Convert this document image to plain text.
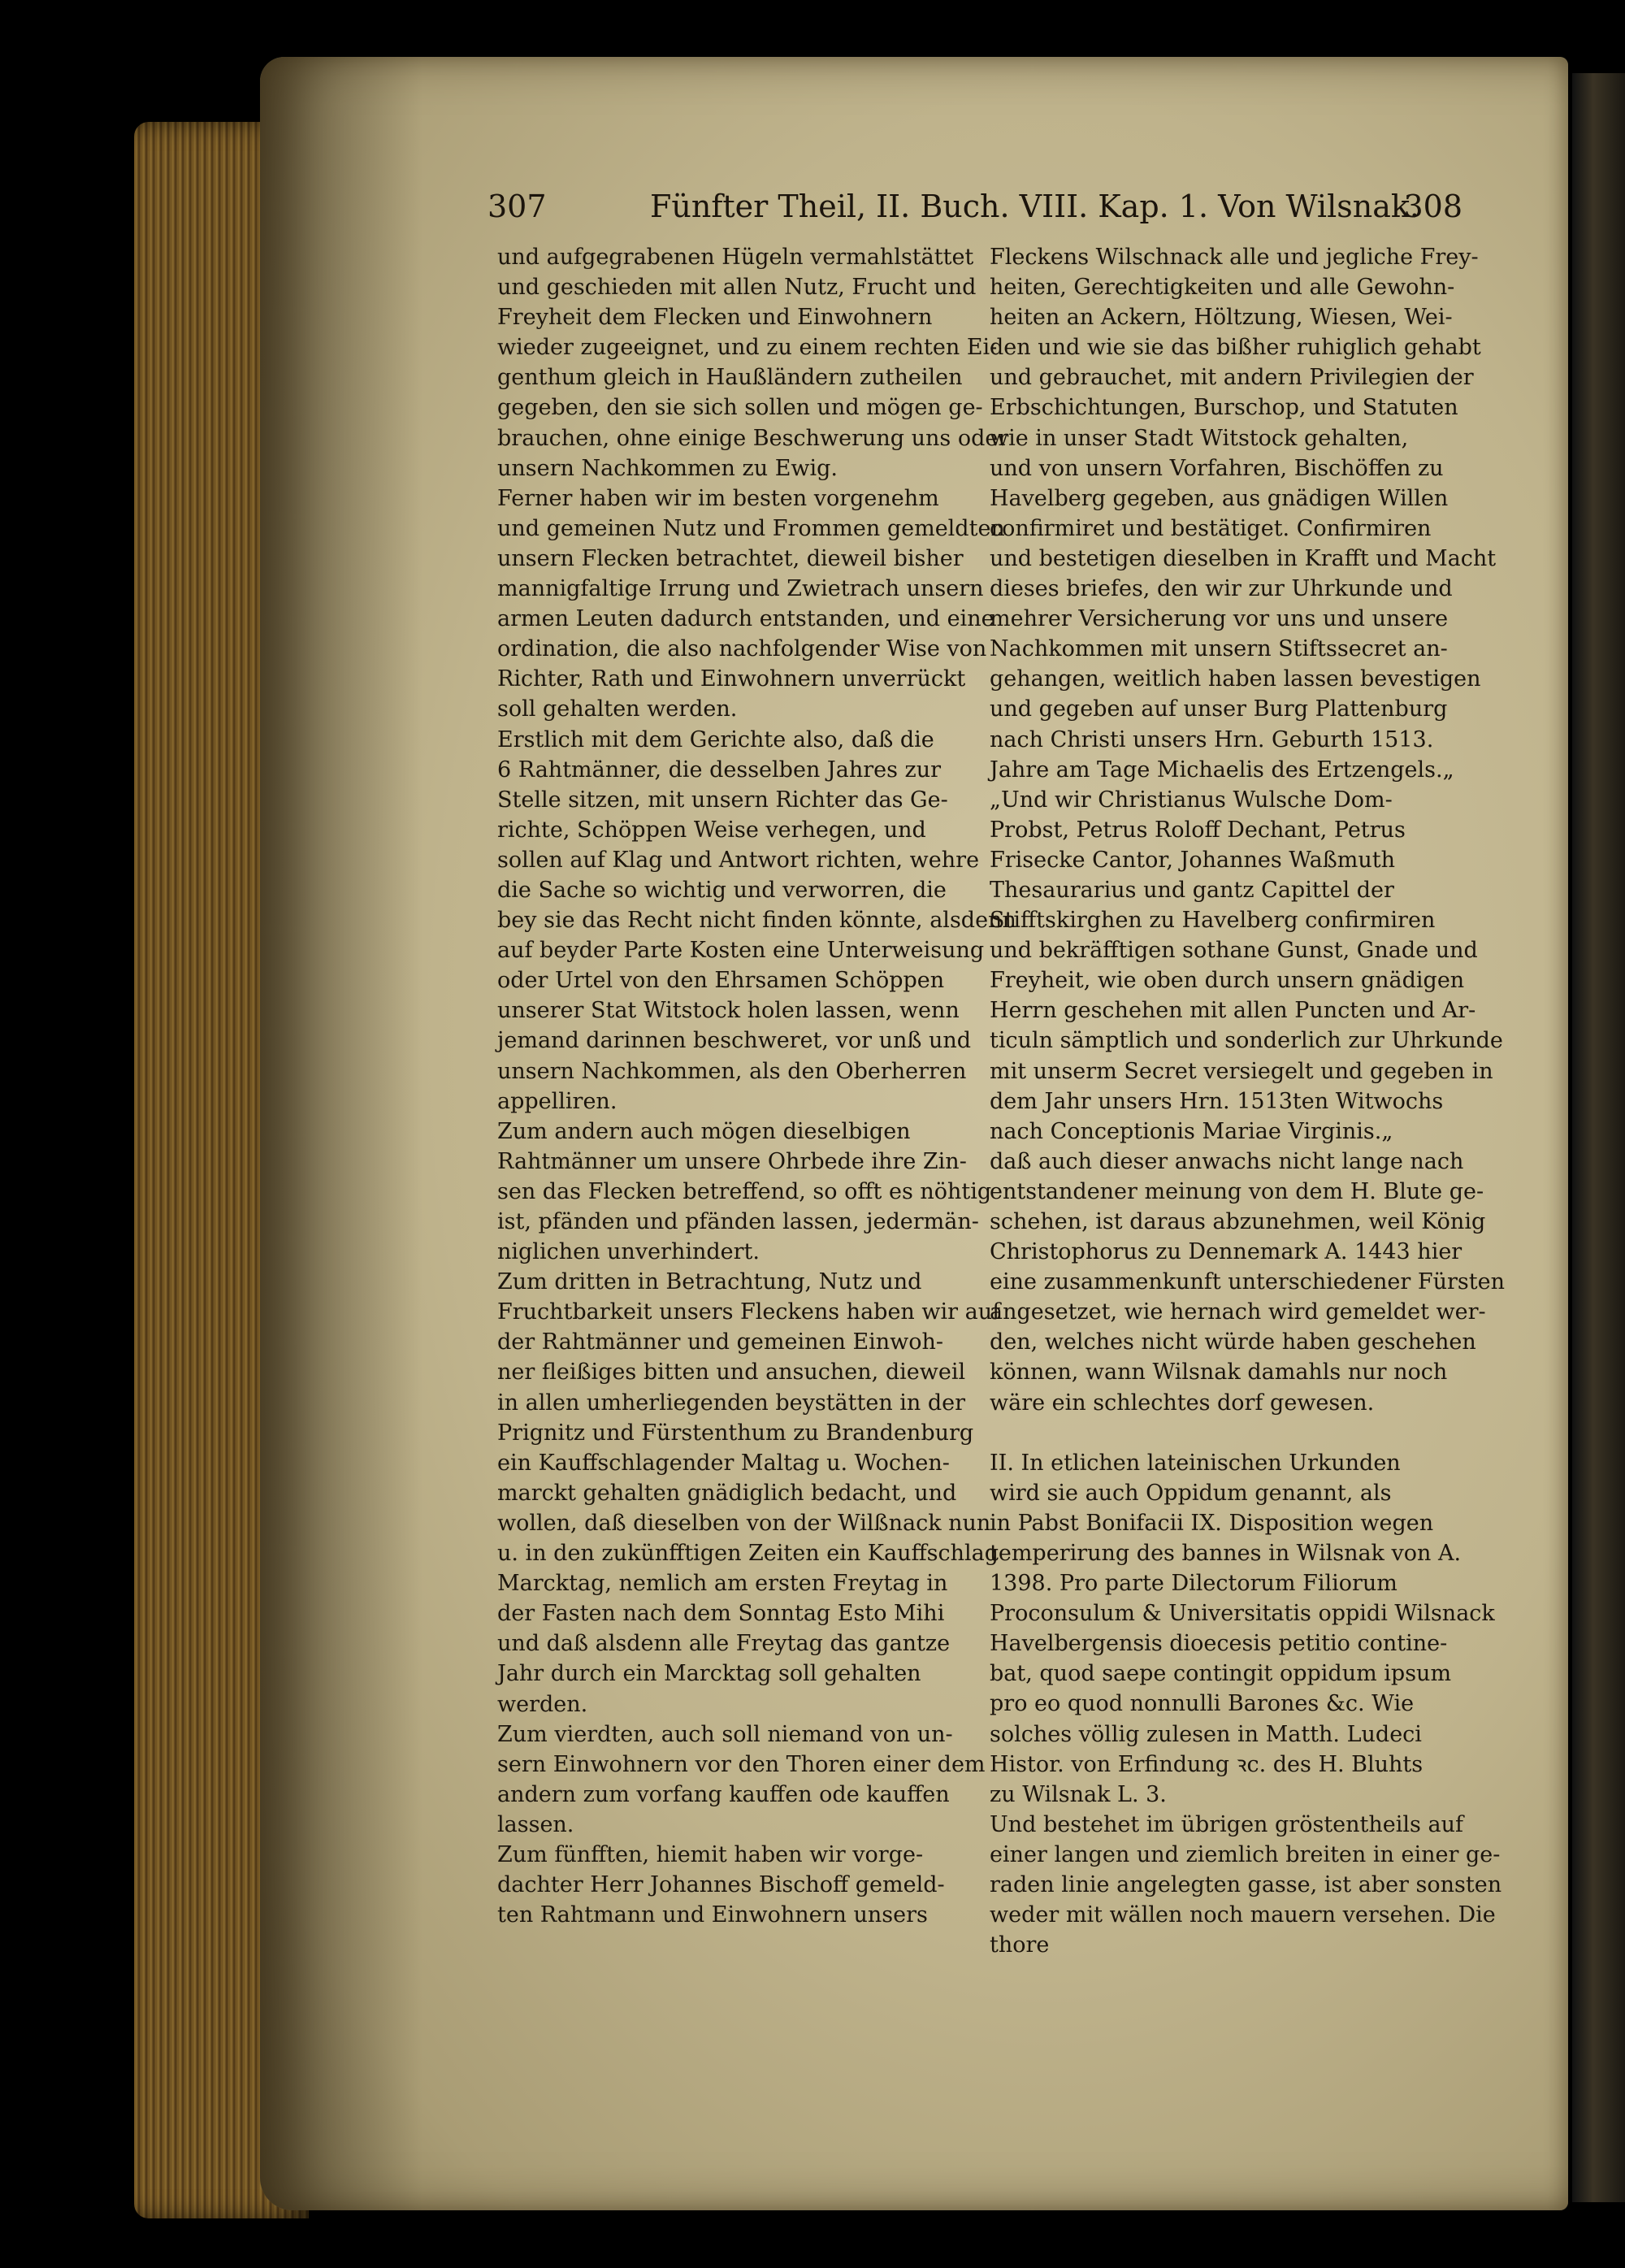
307	Fünfter Theil, II. Buch. VIII. Kap. 1. Von Wilsnak.
308
und aufgegrabenen Hügeln vermahlstättet
und geschieden mit allen Nutz, Frucht und
Freyheit dem Flecken und Einwohnern
wieder zugeeignet, und zu einem rechten Ei-
genthum gleich in Haußländern zutheilen
gegeben, den sie sich sollen und mögen ge-
brauchen, ohne einige Beschwerung uns oder
unsern Nachkommen zu Ewig.
Ferner haben wir im besten vorgenehm
und gemeinen Nutz und Frommen gemeldten
unsern Flecken betrachtet, dieweil bisher
mannigfaltige Irrung und Zwietrach unsern
armen Leuten dadurch entstanden, und eine
ordination, die also nachfolgender Wise von
Richter, Rath und Einwohnern unverrückt
soll gehalten werden.
Erstlich mit dem Gerichte also, daß die
6 Rahtmänner, die desselben Jahres zur
Stelle sitzen, mit unsern Richter das Ge-
richte, Schöppen Weise verhegen, und
sollen auf Klag und Antwort richten, wehre
die Sache so wichtig und verworren, die
bey sie das Recht nicht finden könnte, alsdenn
auf beyder Parte Kosten eine Unterweisung
oder Urtel von den Ehrsamen Schöppen
unserer Stat Witstock holen lassen, wenn
jemand darinnen beschweret, vor unß und
unsern Nachkommen, als den Oberherren
appelliren.
Zum andern auch mögen dieselbigen
Rahtmänner um unsere Ohrbede ihre Zin-
sen das Flecken betreffend, so offt es nöhtig
ist, pfänden und pfänden lassen, jedermän-
niglichen unverhindert.
Zum dritten in Betrachtung, Nutz und
Fruchtbarkeit unsers Fleckens haben wir auf
der Rahtmänner und gemeinen Einwoh-
ner fleißiges bitten und ansuchen, dieweil
in allen umherliegenden beystätten in der
Prignitz und Fürstenthum zu Brandenburg
ein Kauffschlagender Maltag u. Wochen-
marckt gehalten gnädiglich bedacht, und
wollen, daß dieselben von der Wilßnack nun
u. in den zukünfftigen Zeiten ein Kauffschlag
Marcktag, nemlich am ersten Freytag in
der Fasten nach dem Sonntag Esto Mihi
und daß alsdenn alle Freytag das gantze
Jahr durch ein Marcktag soll gehalten
werden.
Zum vierdten, auch soll niemand von un-
sern Einwohnern vor den Thoren einer dem
andern zum vorfang kauffen ode kauffen
lassen.
Zum fünfften, hiemit haben wir vorge-
dachter Herr Johannes Bischoff gemeld-
ten Rahtmann und Einwohnern unsers
Fleckens Wilschnack alle und jegliche Frey-
heiten, Gerechtigkeiten und alle Gewohn-
heiten an Ackern, Höltzung, Wiesen, Wei-
den und wie sie das bißher ruhiglich gehabt
und gebrauchet, mit andern Privilegien der
Erbschichtungen, Burschop, und Statuten
wie in unser Stadt Witstock gehalten,
und von unsern Vorfahren, Bischöffen zu
Havelberg gegeben, aus gnädigen Willen
confirmiret und bestätiget. Confirmiren
und bestetigen dieselben in Krafft und Macht
dieses briefes, den wir zur Uhrkunde und
mehrer Versicherung vor uns und unsere
Nachkommen mit unsern Stiftssecret an-
gehangen, weitlich haben lassen bevestigen
und gegeben auf unser Burg Plattenburg
nach Christi unsers Hrn. Geburth 1513.
Jahre am Tage Michaelis des Ertzengels.„
„Und wir Christianus Wulsche Dom-
Probst, Petrus Roloff Dechant, Petrus
Frisecke Cantor, Johannes Waßmuth
Thesaurarius und gantz Capittel der
Stifftskirghen zu Havelberg confirmiren
und bekräfftigen sothane Gunst, Gnade und
Freyheit, wie oben durch unsern gnädigen
Herrn geschehen mit allen Puncten und Ar-
ticuln sämptlich und sonderlich zur Uhrkunde
mit unserm Secret versiegelt und gegeben in
dem Jahr unsers Hrn. 1513ten Witwochs
nach Conceptionis Mariae Virginis.„
daß auch dieser anwachs nicht lange nach
entstandener meinung von dem H. Blute ge-
schehen, ist daraus abzunehmen, weil König
Christophorus zu Dennemark A. 1443 hier
eine zusammenkunft unterschiedener Fürsten
angesetzet, wie hernach wird gemeldet wer-
den, welches nicht würde haben geschehen
können, wann Wilsnak damahls nur noch
wäre ein schlechtes dorf gewesen.
II. In etlichen lateinischen Urkunden
wird sie auch Oppidum genannt, als
in Pabst Bonifacii IX. Disposition wegen
temperirung des bannes in Wilsnak von A.
1398. Pro parte Dilectorum Filiorum
Proconsulum & Universitatis oppidi Wilsnack
Havelbergensis dioecesis petitio contine-
bat, quod saepe contingit oppidum ipsum
pro eo quod nonnulli Barones &c. Wie
solches völlig zulesen in Matth. Ludeci
Histor. von Erfindung ꝛc. des H. Bluhts
zu Wilsnak L. 3.
Und bestehet im übrigen gröstentheils auf
einer langen und ziemlich breiten in einer ge-
raden linie angelegten gasse, ist aber sonsten
weder mit wällen noch mauern versehen. Die
thore
